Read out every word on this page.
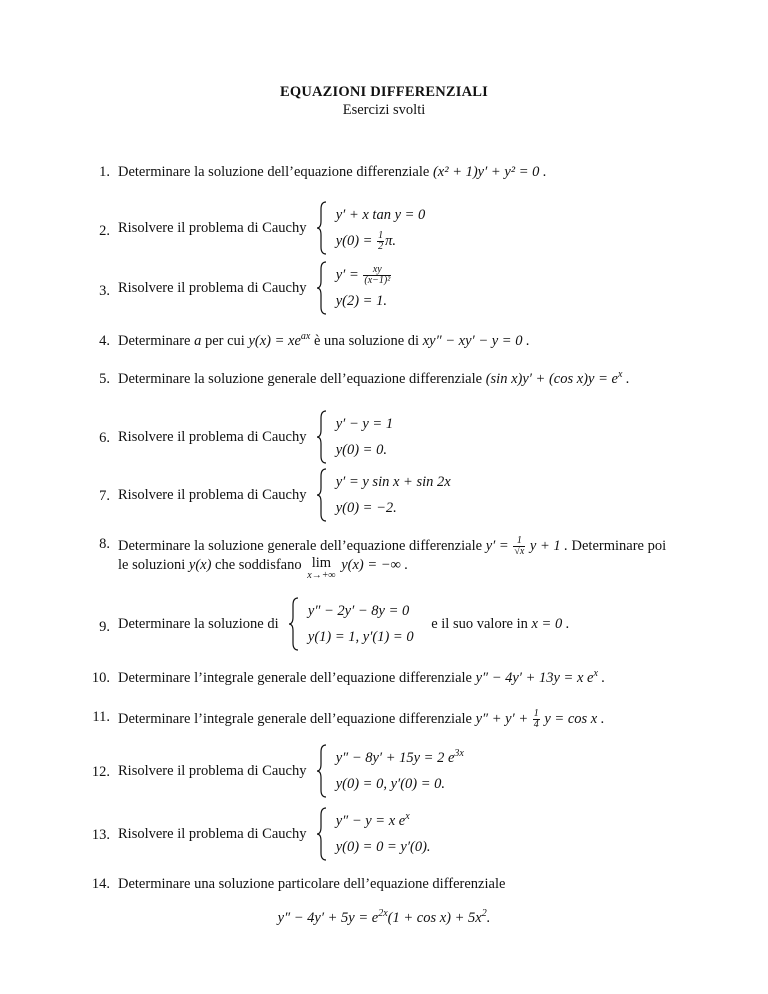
EQUAZIONI DIFFERENZIALI
Esercizi svolti
1. Determinare la soluzione dell’equazione differenziale (x² + 1)y′ + y² = 0 .
2. Risolvere il problema di Cauchy
y′ + x tan y = 0
$y(0) = \frac{1}{2} \pi$.
3. Risolvere il problema di Cauchy
$y' = \frac{xy}{\text{(x−1)²}}$
y(2) = 1.
4. Determinare a per cui $y(x) = xe^{ax}$ è una soluzione di xy″ − xy′ − y = 0 .
5. Determinare la soluzione generale dell’equazione differenziale (sin x)y′ + (cos $x)y = e^x$ .
6. Risolvere il problema di Cauchy
y′ − y = 1
y(0) = 0.
7. Risolvere il problema di Cauchy
y′ = y sin x + sin 2x
y(0) = −2.
8. Determinare la soluzione generale dell’equazione differenziale $y' = \frac{1}{√x}$ y + 1 . Determinare poi
le soluzioni y(x) che soddisfano lim
x→+∞
y(x) = −∞ .
9. Determinare la soluzione di
y″ − 2y′ − 8y = 0
y(1) = 1, y′(1) = 0
e il suo valore in x = 0 .
10. Determinare l’integrale generale dell’equazione differenziale y″ − 4y′ + 13y = x $e^x$ .
11. Determinare l’integrale generale dell’equazione differenziale $y'' + y' + \frac{1}{4}$ y = cos x .
12. Risolvere il problema di Cauchy
y″ − 8y′ + 15y = 2 $e^{3x}$
y(0) = 0, y′(0) = 0.
13. Risolvere il problema di Cauchy
y″ − y = x $e^x$
y(0) = 0 = y′(0).
14. Determinare una soluzione particolare dell’equazione differenziale
$y'' - 4y' + 5y = e^{2x}(1 + \cos x) + 5x^2$.
